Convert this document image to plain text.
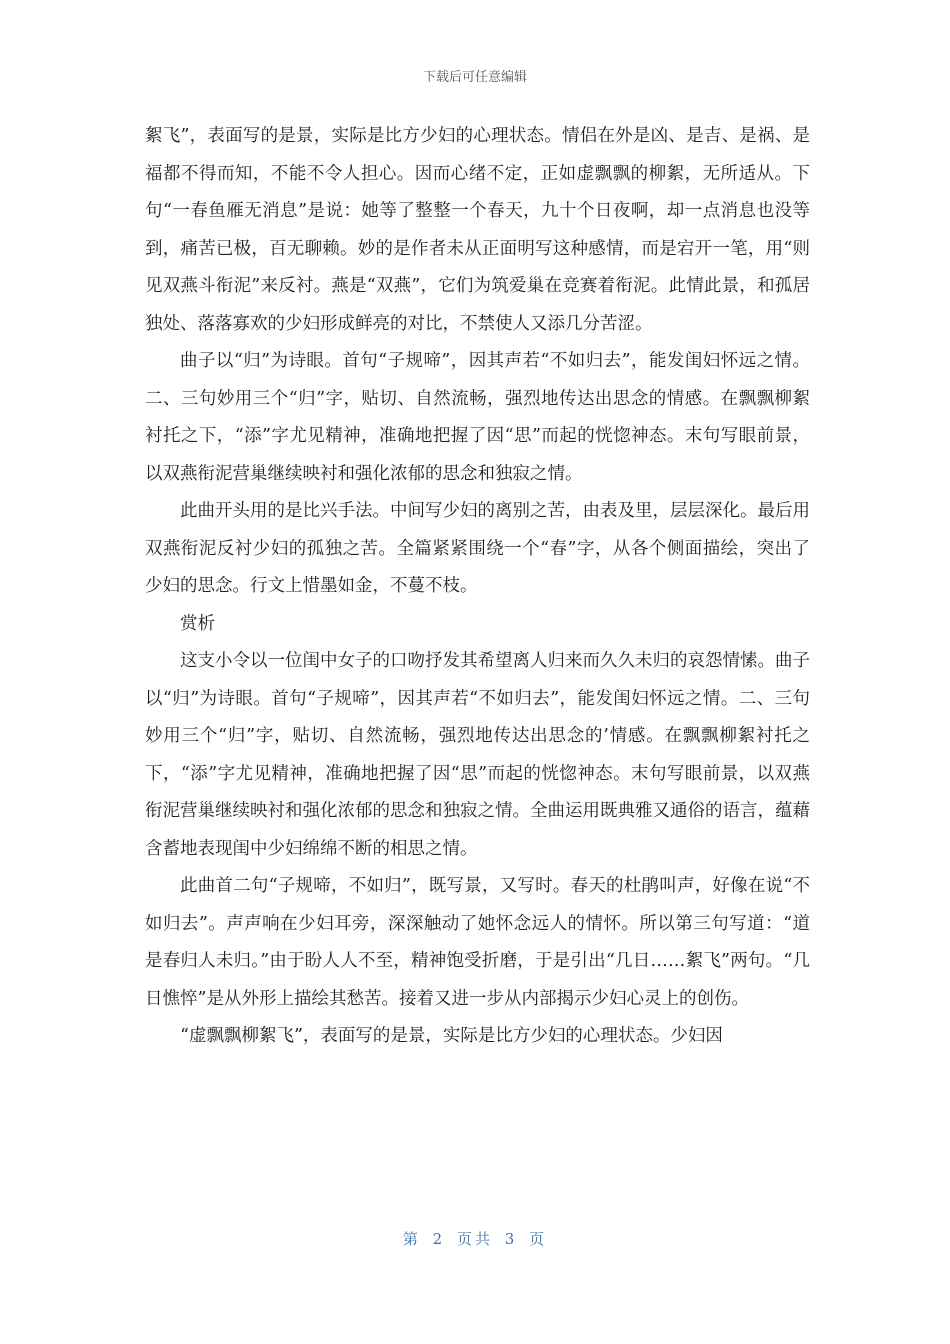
下载后可任意编辑

絮飞”，表面写的是景，实际是比方少妇的心理状态。情侣在外是凶、是吉、是祸、是福都不得而知，不能不令人担心。因而心绪不定，正如虚飘飘的柳絮，无所适从。下句“一春鱼雁无消息”是说：她等了整整一个春天，九十个日夜啊，却一点消息也没等到，痛苦已极，百无聊赖。妙的是作者未从正面明写这种感情，而是宕开一笔，用“则见双燕斗衔泥”来反衬。燕是“双燕”，它们为筑爱巢在竞赛着衔泥。此情此景，和孤居独处、落落寡欢的少妇形成鲜亮的对比，不禁使人又添几分苦涩。

曲子以“归”为诗眼。首句“子规啼”，因其声若“不如归去”，能发闺妇怀远之情。二、三句妙用三个“归”字，贴切、自然流畅，强烈地传达出思念的情感。在飘飘柳絮衬托之下，“添”字尤见精神，准确地把握了因“思”而起的恍惚神态。末句写眼前景，以双燕衔泥营巢继续映衬和强化浓郁的思念和独寂之情。

此曲开头用的是比兴手法。中间写少妇的离别之苦，由表及里，层层深化。最后用双燕衔泥反衬少妇的孤独之苦。全篇紧紧围绕一个“春”字，从各个侧面描绘，突出了少妇的思念。行文上惜墨如金，不蔓不枝。

赏析

这支小令以一位闺中女子的口吻抒发其希望离人归来而久久未归的哀怨情愫。曲子以“归”为诗眼。首句“子规啼”，因其声若“不如归去”，能发闺妇怀远之情。二、三句妙用三个“归”字，贴切、自然流畅，强烈地传达出思念的’情感。在飘飘柳絮衬托之下，“添”字尤见精神，准确地把握了因“思”而起的恍惚神态。末句写眼前景，以双燕衔泥营巢继续映衬和强化浓郁的思念和独寂之情。全曲运用既典雅又通俗的语言，蕴藉含蓄地表现闺中少妇绵绵不断的相思之情。

此曲首二句“子规啼，不如归”，既写景，又写时。春天的杜鹃叫声，好像在说“不如归去”。声声响在少妇耳旁，深深触动了她怀念远人的情怀。所以第三句写道：“道是春归人未归。”由于盼人人不至，精神饱受折磨，于是引出“几日……絮飞”两句。“几日憔悴”是从外形上描绘其愁苦。接着又进一步从内部揭示少妇心灵上的创伤。

“虚飘飘柳絮飞”，表面写的是景，实际是比方少妇的心理状态。少妇因

第 2 页共 3 页
